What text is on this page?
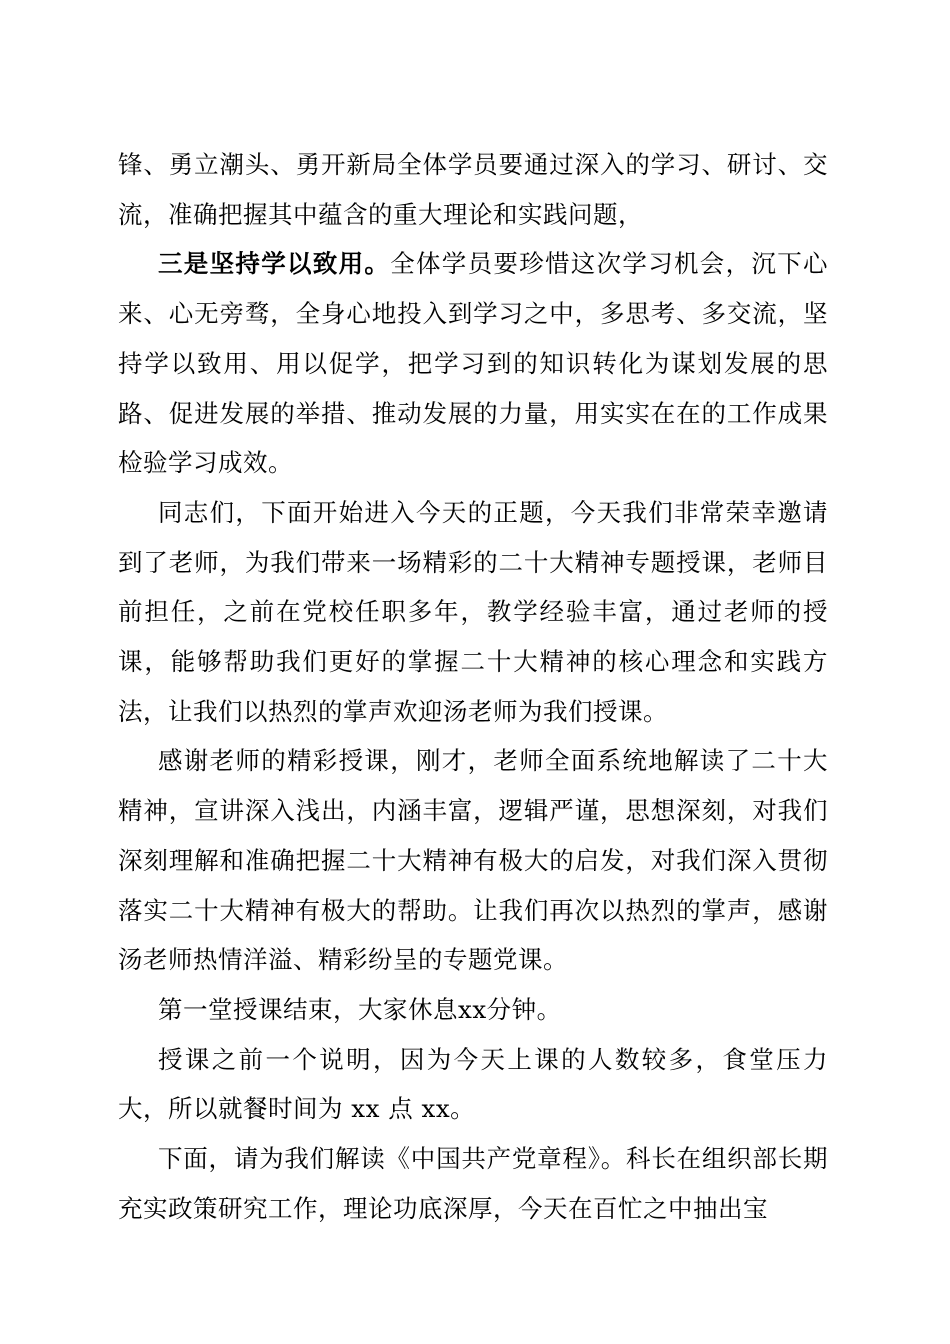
锋、勇立潮头、勇开新局全体学员要通过深入的学习、研讨、交流，准确把握其中蕴含的重大理论和实践问题，

三是坚持学以致用。全体学员要珍惜这次学习机会，沉下心来、心无旁骛，全身心地投入到学习之中，多思考、多交流，坚持学以致用、用以促学，把学习到的知识转化为谋划发展的思路、促进发展的举措、推动发展的力量，用实实在在的工作成果检验学习成效。

同志们，下面开始进入今天的正题，今天我们非常荣幸邀请到了老师，为我们带来一场精彩的二十大精神专题授课，老师目前担任，之前在党校任职多年，教学经验丰富，通过老师的授课，能够帮助我们更好的掌握二十大精神的核心理念和实践方法，让我们以热烈的掌声欢迎汤老师为我们授课。

感谢老师的精彩授课，刚才，老师全面系统地解读了二十大精神，宣讲深入浅出，内涵丰富，逻辑严谨，思想深刻，对我们深刻理解和准确把握二十大精神有极大的启发，对我们深入贯彻落实二十大精神有极大的帮助。让我们再次以热烈的掌声，感谢汤老师热情洋溢、精彩纷呈的专题党课。

第一堂授课结束，大家休息xx分钟。

授课之前一个说明，因为今天上课的人数较多，食堂压力大，所以就餐时间为 xx 点 xx。

下面，请为我们解读《中国共产党章程》。科长在组织部长期充实政策研究工作，理论功底深厚，今天在百忙之中抽出宝
